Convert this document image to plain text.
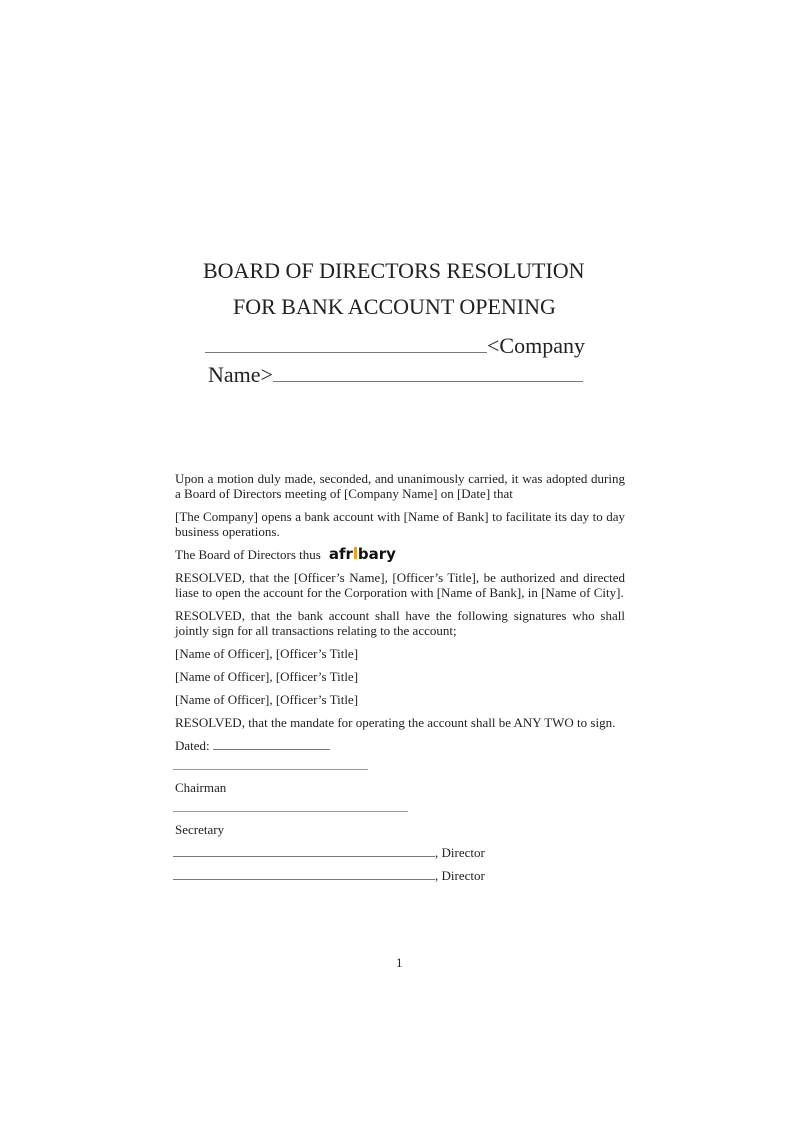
BOARD OF DIRECTORS RESOLUTION
FOR BANK ACCOUNT OPENING
<Company
Name>
Upon a motion duly made, seconded, and unanimously carried, it was adopted during a Board of Directors meeting of [Company Name] on [Date] that
[The Company] opens a bank account with [Name of Bank] to facilitate its day to day business operations.
The Board of Directors thus afr bary
RESOLVED, that the [Officer’s Name], [Officer’s Title], be authorized and directed liase to open the account for the Corporation with [Name of Bank], in [Name of City].
RESOLVED, that the bank account shall have the following signatures who shall jointly sign for all transactions relating to the account;
[Name of Officer], [Officer’s Title]
[Name of Officer], [Officer’s Title]
[Name of Officer], [Officer’s Title]
RESOLVED, that the mandate for operating the account shall be ANY TWO to sign.
Dated:

Chairman
Secretary
, Director
, Director
1
